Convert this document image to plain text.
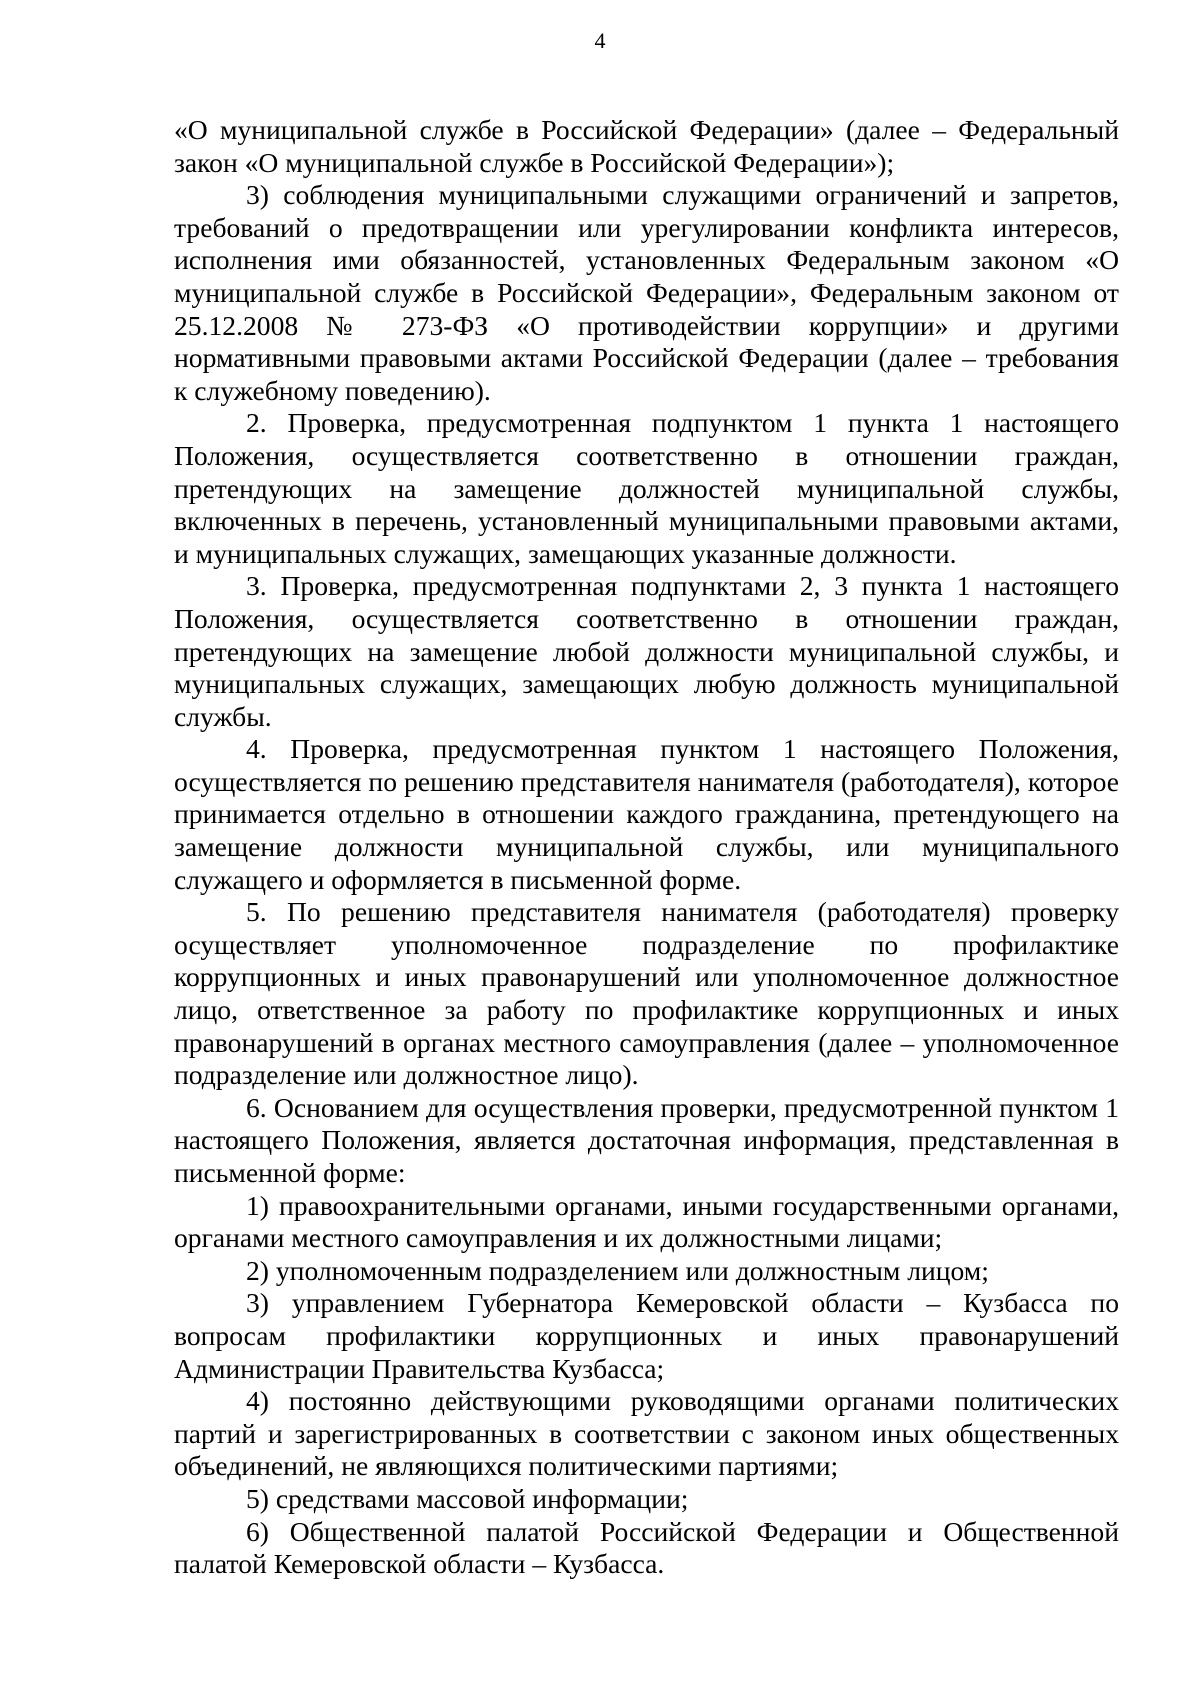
4

«О муниципальной службе в Российской Федерации» (далее – Федеральный закон «О муниципальной службе в Российской Федерации»);

3) соблюдения муниципальными служащими ограничений и запретов, требований о предотвращении или урегулировании конфликта интересов, исполнения ими обязанностей, установленных Федеральным законом «О муниципальной службе в Российской Федерации», Федеральным законом от 25.12.2008 № 273-ФЗ «О противодействии коррупции» и другими нормативными правовыми актами Российской Федерации (далее – требования к служебному поведению).

2. Проверка, предусмотренная подпунктом 1 пункта 1 настоящего Положения, осуществляется соответственно в отношении граждан, претендующих на замещение должностей муниципальной службы, включенных в перечень, установленный муниципальными правовыми актами, и муниципальных служащих, замещающих указанные должности.

3. Проверка, предусмотренная подпунктами 2, 3 пункта 1 настоящего Положения, осуществляется соответственно в отношении граждан, претендующих на замещение любой должности муниципальной службы, и муниципальных служащих, замещающих любую должность муниципальной службы.

4. Проверка, предусмотренная пунктом 1 настоящего Положения, осуществляется по решению представителя нанимателя (работодателя), которое принимается отдельно в отношении каждого гражданина, претендующего на замещение должности муниципальной службы, или муниципального служащего и оформляется в письменной форме.

5. По решению представителя нанимателя (работодателя) проверку осуществляет уполномоченное подразделение по профилактике коррупционных и иных правонарушений или уполномоченное должностное лицо, ответственное за работу по профилактике коррупционных и иных правонарушений в органах местного самоуправления (далее – уполномоченное подразделение или должностное лицо).

6. Основанием для осуществления проверки, предусмотренной пунктом 1 настоящего Положения, является достаточная информация, представленная в письменной форме:

1) правоохранительными органами, иными государственными органами, органами местного самоуправления и их должностными лицами;

2) уполномоченным подразделением или должностным лицом;

3) управлением Губернатора Кемеровской области – Кузбасса по вопросам профилактики коррупционных и иных правонарушений Администрации Правительства Кузбасса;

4) постоянно действующими руководящими органами политических партий и зарегистрированных в соответствии с законом иных общественных объединений, не являющихся политическими партиями;

5) средствами массовой информации;

6) Общественной палатой Российской Федерации и Общественной палатой Кемеровской области – Кузбасса.
